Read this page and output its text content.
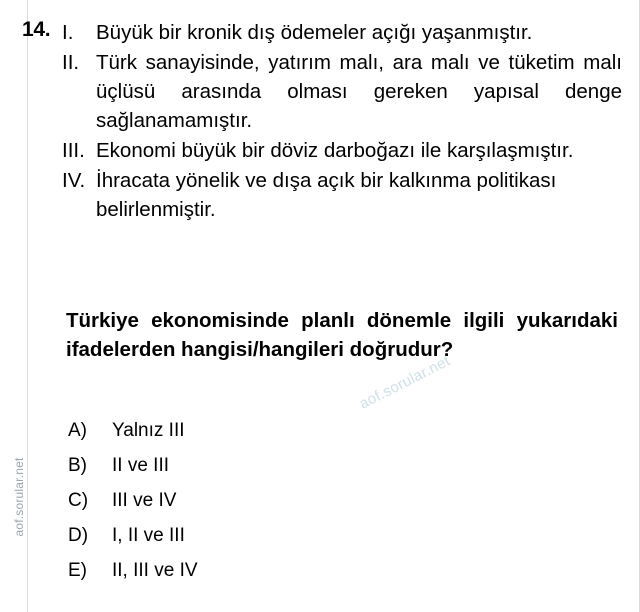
aof.sorular.net
aof.sorular.net
14. I.	Büyük bir kronik dış ödemeler açığı yaşanmıştır.
II. Türk sanayisinde, yatırım malı, ara malı ve tüketim malı üçlüsü arasında olması gereken yapısal denge sağlanamamıştır.
III. Ekonomi büyük bir döviz darboğazı ile karşılaşmıştır.
IV. İhracata yönelik ve dışa açık bir kalkınma politikası belirlenmiştir.
Türkiye ekonomisinde planlı dönemle ilgili yukarıdaki ifadelerden hangisi/hangileri doğrudur?
A)	Yalnız III
B)	II ve III
C)	III ve IV
D)	I, II ve III
E)	II, III ve IV
